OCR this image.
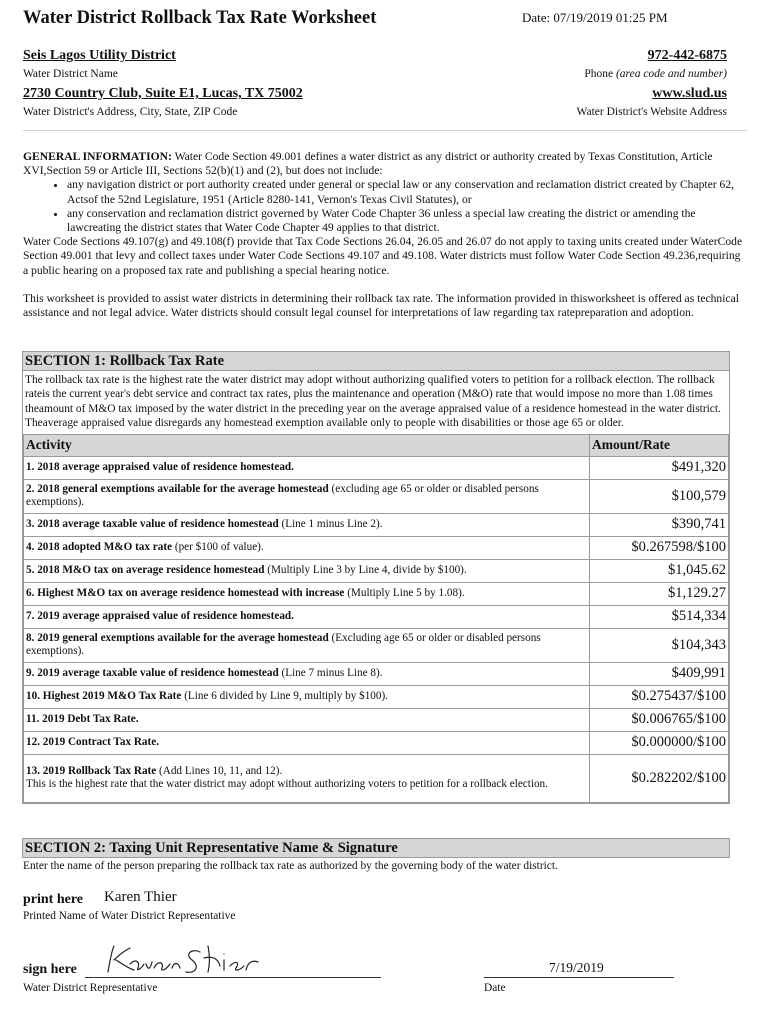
Water District Rollback Tax Rate Worksheet	Date: 07/19/2019 01:25 PM
Seis Lagos Utility District
Water District Name
972-442-6875
Phone (area code and number)
2730 Country Club, Suite E1, Lucas, TX 75002
Water District's Address, City, State, ZIP Code
www.slud.us
Water District's Website Address
GENERAL INFORMATION: Water Code Section 49.001 defines a water district as any district or authority created by Texas Constitution, Article XVI,Section 59 or Article III, Sections 52(b)(1) and (2), but does not include:
• any navigation district or port authority created under general or special law or any conservation and reclamation district created by Chapter 62, Actsof the 52nd Legislature, 1951 (Article 8280-141, Vernon's Texas Civil Statutes), or
• any conservation and reclamation district governed by Water Code Chapter 36 unless a special law creating the district or amending the lawcreating the district states that Water Code Chapter 49 applies to that district.
Water Code Sections 49.107(g) and 49.108(f) provide that Tax Code Sections 26.04, 26.05 and 26.07 do not apply to taxing units created under WaterCode Section 49.001 that levy and collect taxes under Water Code Sections 49.107 and 49.108. Water districts must follow Water Code Section 49.236,requiring a public hearing on a proposed tax rate and publishing a special hearing notice.
This worksheet is provided to assist water districts in determining their rollback tax rate. The information provided in thisworksheet is offered as technical assistance and not legal advice. Water districts should consult legal counsel for interpretations of law regarding tax ratepreparation and adoption.
SECTION 1: Rollback Tax Rate
The rollback tax rate is the highest rate the water district may adopt without authorizing qualified voters to petition for a rollback election. The rollback rateis the current year's debt service and contract tax rates, plus the maintenance and operation (M&O) rate that would impose no more than 1.08 times theamount of M&O tax imposed by the water district in the preceding year on the average appraised value of a residence homestead in the water district. Theaverage appraised value disregards any homestead exemption available only to people with disabilities or those age 65 or older.
Activity	Amount/Rate
1. 2018 average appraised value of residence homestead.	$491,320
2. 2018 general exemptions available for the average homestead (excluding age 65 or older or disabled persons exemptions).	$100,579
3. 2018 average taxable value of residence homestead (Line 1 minus Line 2).	$390,741
4. 2018 adopted M&O tax rate (per $100 of value).	$0.267598/$100
5. 2018 M&O tax on average residence homestead (Multiply Line 3 by Line 4, divide by $100).	$1,045.62
6. Highest M&O tax on average residence homestead with increase (Multiply Line 5 by 1.08).	$1,129.27
7. 2019 average appraised value of residence homestead.	$514,334
8. 2019 general exemptions available for the average homestead (Excluding age 65 or older or disabled persons exemptions).	$104,343
9. 2019 average taxable value of residence homestead (Line 7 minus Line 8).	$409,991
10. Highest 2019 M&O Tax Rate (Line 6 divided by Line 9, multiply by $100).	$0.275437/$100
11. 2019 Debt Tax Rate.	$0.006765/$100
12. 2019 Contract Tax Rate.	$0.000000/$100
13. 2019 Rollback Tax Rate (Add Lines 10, 11, and 12).
This is the highest rate that the water district may adopt without authorizing voters to petition for a rollback election.	$0.282202/$100
SECTION 2: Taxing Unit Representative Name & Signature
Enter the name of the person preparing the rollback tax rate as authorized by the governing body of the water district.
print here Karen Thier
Printed Name of Water District Representative
sign here
Water District Representative
7/19/2019
Date
